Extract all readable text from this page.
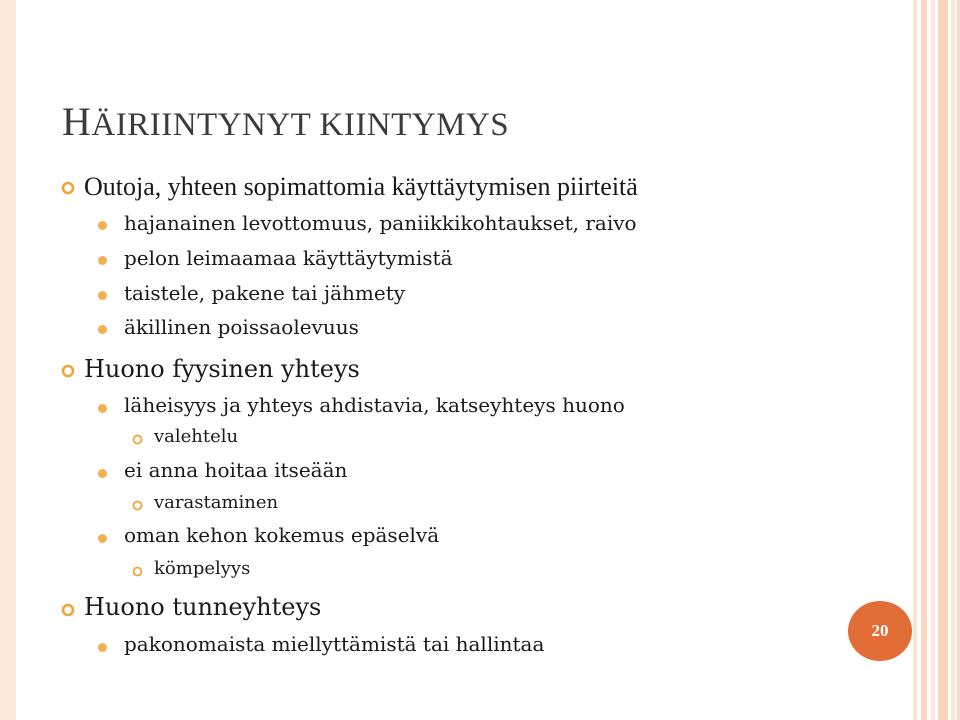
HÄIRIINTYNYT KIINTYMYS
Outoja, yhteen sopimattomia käyttäytymisen piirteitä
hajanainen levottomuus, paniikkikohtaukset, raivo
pelon leimaamaa käyttäytymistä
taistele, pakene tai jähmety
äkillinen poissaolevuus
Huono fyysinen yhteys
läheisyys ja yhteys ahdistavia, katseyhteys huono
valehtelu
ei anna hoitaa itseään
varastaminen
oman kehon kokemus epäselvä
kömpelyys
Huono tunneyhteys
pakonomaista miellyttämistä tai hallintaa
20
